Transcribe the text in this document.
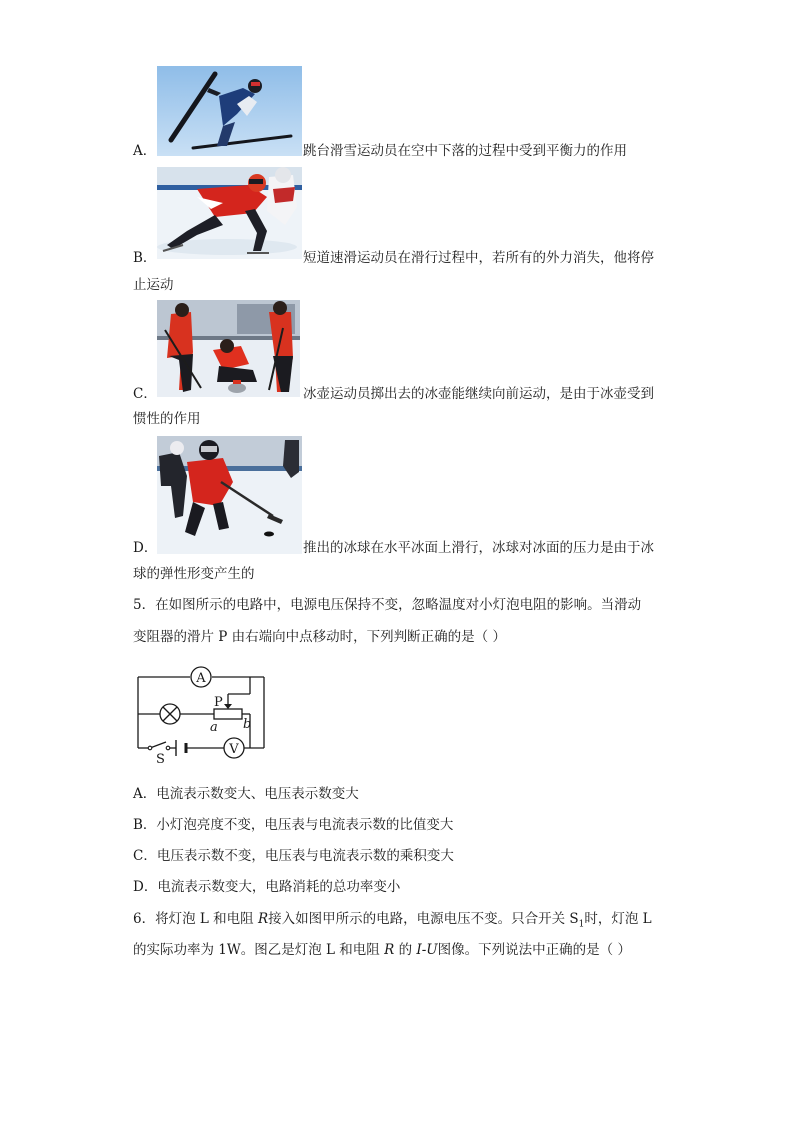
A．	跳台滑雪运动员在空中下落的过程中受到平衡力的作用
B．	短道速滑运动员在滑行过程中，若所有的外力消失，他将停
止运动
C．	冰壶运动员掷出去的冰壶能继续向前运动，是由于冰壶受到
惯性的作用
D．	推出的冰球在水平冰面上滑行，冰球对冰面的压力是由于冰
球的弹性形变产生的
5．在如图所示的电路中，电源电压保持不变，忽略温度对小灯泡电阻的影响。当滑动
变阻器的滑片 P 由右端向中点移动时，下列判断正确的是（ ）
A
V
P
a b
S
A．电流表示数变大、电压表示数变大
B．小灯泡亮度不变，电压表与电流表示数的比值变大
C．电压表示数不变，电压表与电流表示数的乘积变大
D．电流表示数变大，电路消耗的总功率变小
6．将灯泡 L 和电阻 R接入如图甲所示的电路，电源电压不变。只合开关 $S_1$时，灯泡 L
的实际功率为 1W。图乙是灯泡 L 和电阻 R 的 I-U图像。下列说法中正确的是（ ）
